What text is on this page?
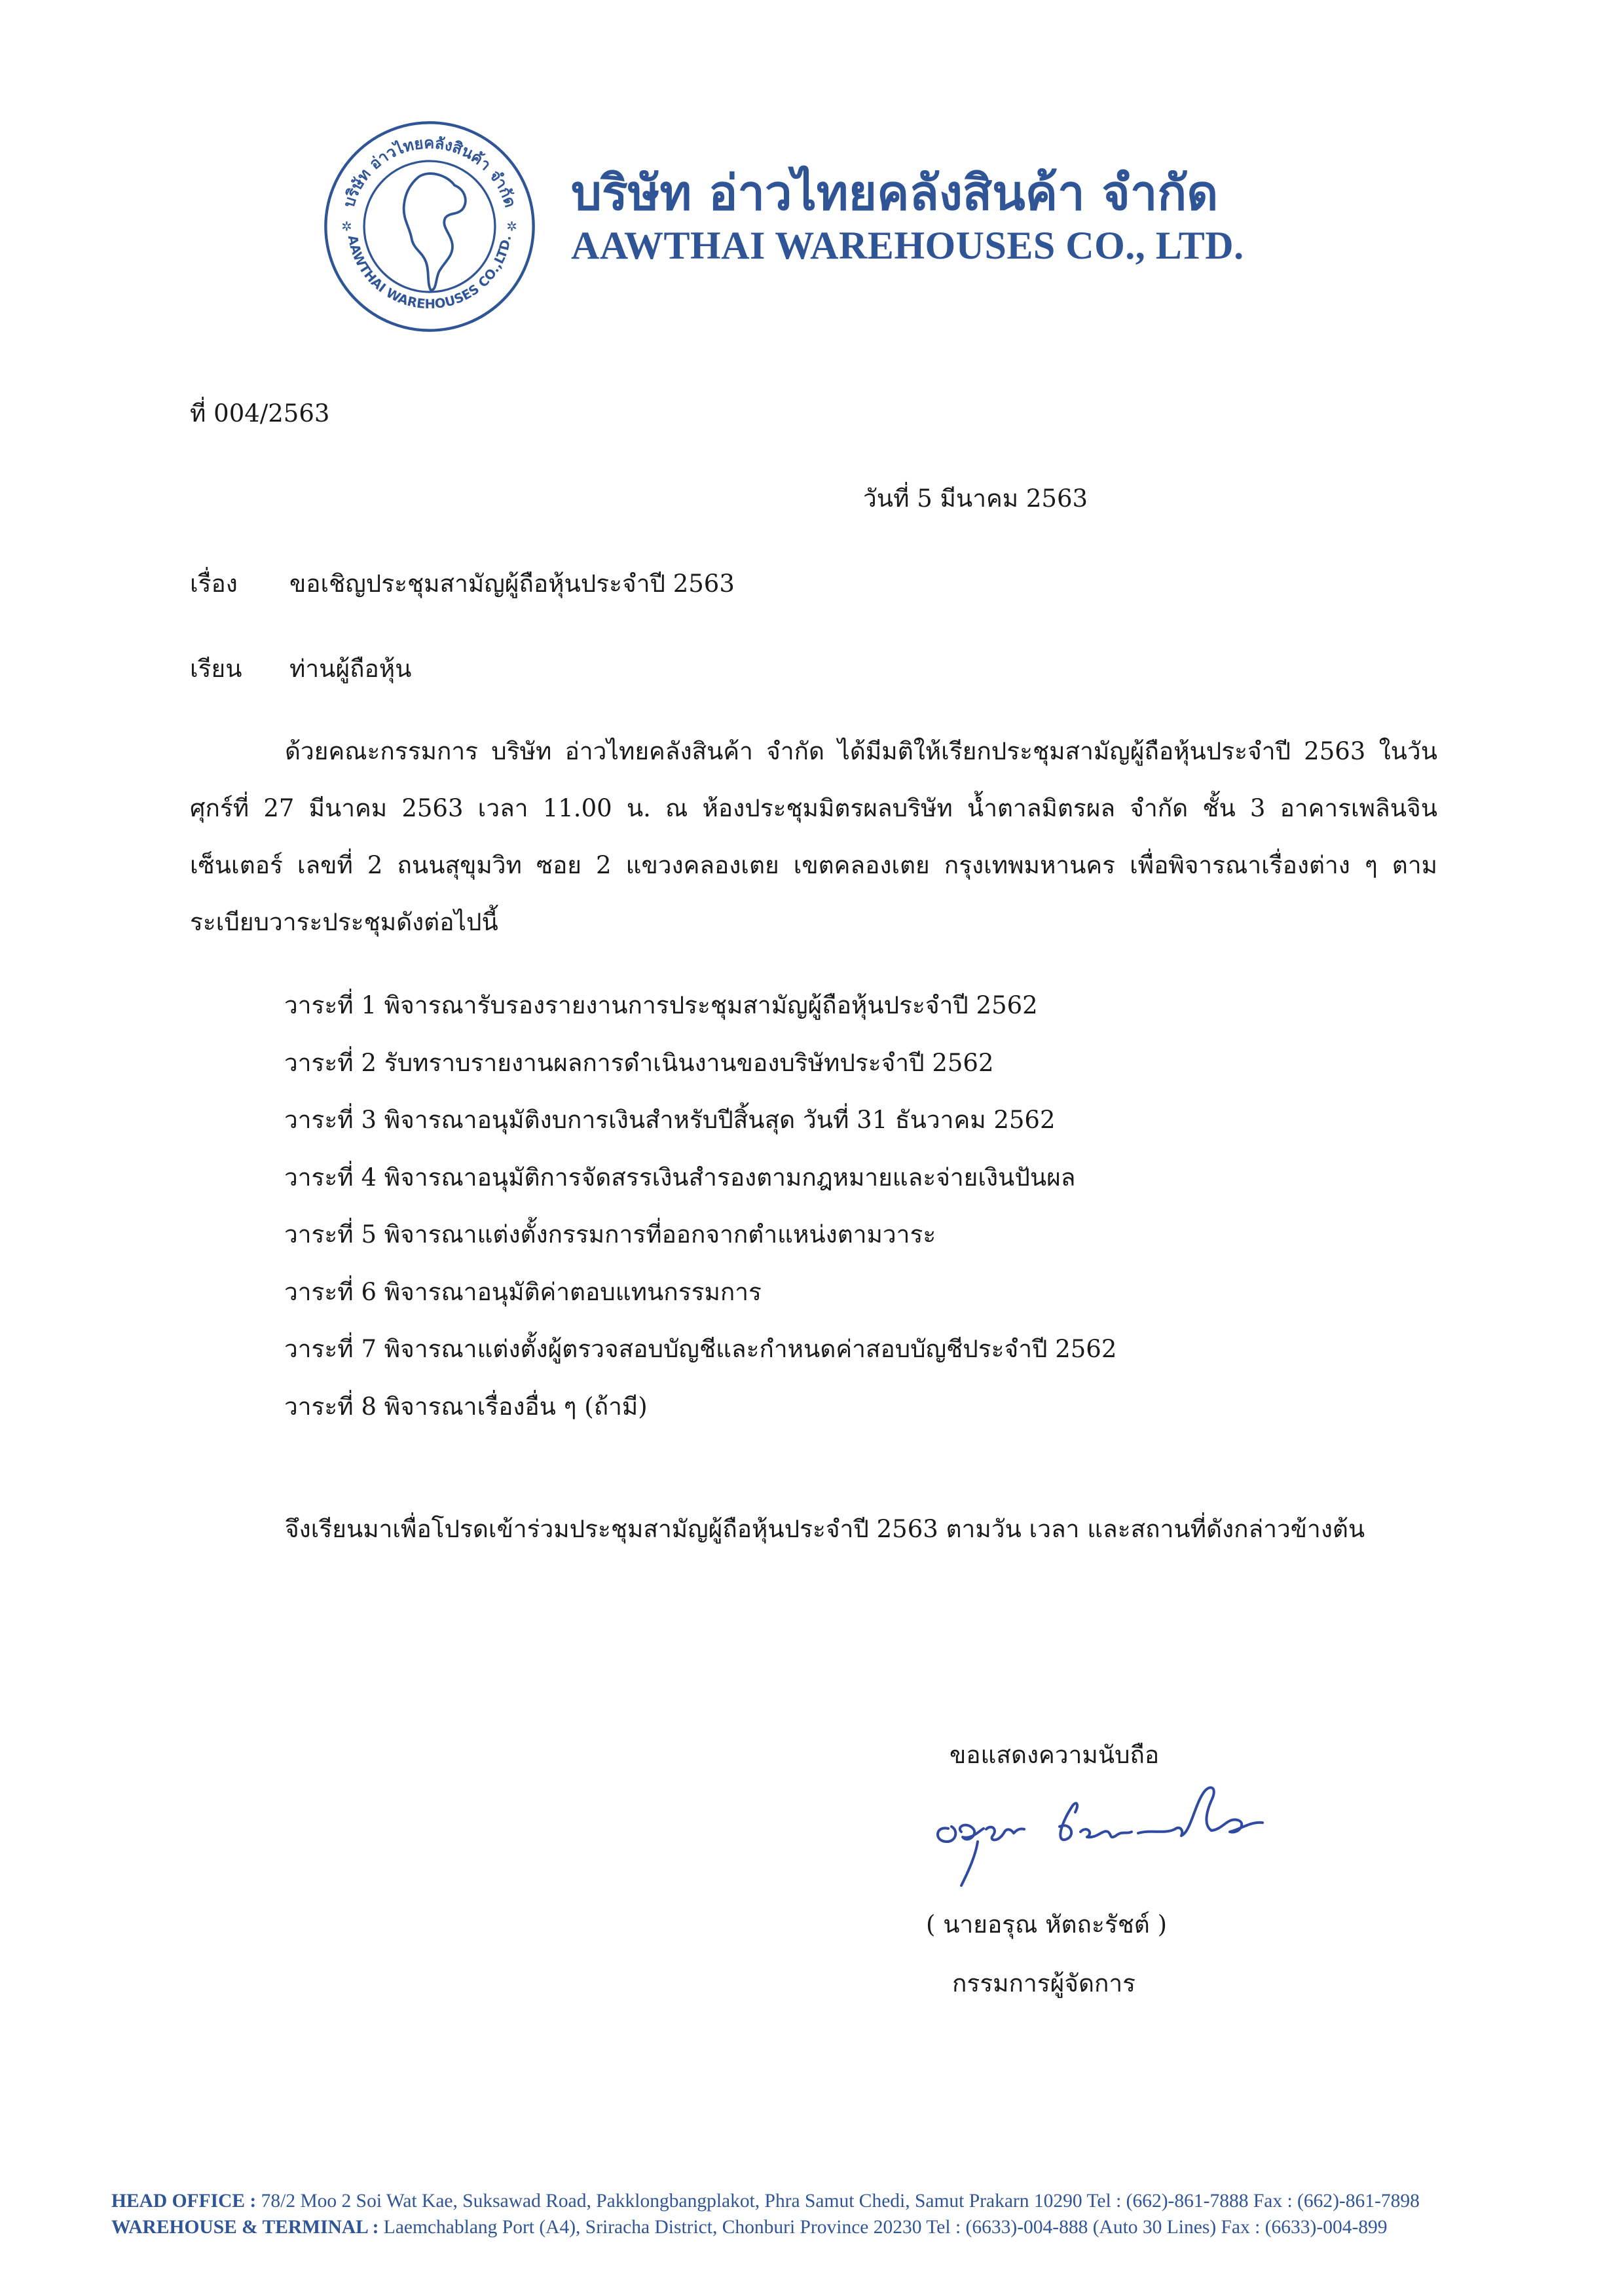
บริษัท อ่าวไทยคลังสินค้า จำกัด
AAWTHAI WAREHOUSES CO.,LTD.
✲	✲
บริษัท อ่าวไทยคลังสินค้า จำกัด
AAWTHAI WAREHOUSES CO., LTD.
ที่ 004/2563
วันที่ 5 มีนาคม 2563
เรื่อง ขอเชิญประชุมสามัญผู้ถือหุ้นประจำปี 2563
เรียน ท่านผู้ถือหุ้น
ด้วยคณะกรรมการ บริษัท อ่าวไทยคลังสินค้า จำกัด ได้มีมติให้เรียกประชุมสามัญผู้ถือหุ้นประจำปี 2563 ในวันศุกร์ที่ 27 มีนาคม 2563 เวลา 11.00 น. ณ ห้องประชุมมิตรผลบริษัท น้ำตาลมิตรผล จำกัด ชั้น 3 อาคารเพลินจินเซ็นเตอร์ เลขที่ 2 ถนนสุขุมวิท ซอย 2 แขวงคลองเตย เขตคลองเตย กรุงเทพมหานคร เพื่อพิจารณาเรื่องต่าง ๆ ตามระเบียบวาระประชุมดังต่อไปนี้
วาระที่ 1 พิจารณารับรองรายงานการประชุมสามัญผู้ถือหุ้นประจำปี 2562
วาระที่ 2 รับทราบรายงานผลการดำเนินงานของบริษัทประจำปี 2562
วาระที่ 3 พิจารณาอนุมัติงบการเงินสำหรับปีสิ้นสุด วันที่ 31 ธันวาคม 2562
วาระที่ 4 พิจารณาอนุมัติการจัดสรรเงินสำรองตามกฎหมายและจ่ายเงินปันผล
วาระที่ 5 พิจารณาแต่งตั้งกรรมการที่ออกจากตำแหน่งตามวาระ
วาระที่ 6 พิจารณาอนุมัติค่าตอบแทนกรรมการ
วาระที่ 7 พิจารณาแต่งตั้งผู้ตรวจสอบบัญชีและกำหนดค่าสอบบัญชีประจำปี 2562
วาระที่ 8 พิจารณาเรื่องอื่น ๆ (ถ้ามี)
จึงเรียนมาเพื่อโปรดเข้าร่วมประชุมสามัญผู้ถือหุ้นประจำปี 2563 ตามวัน เวลา และสถานที่ดังกล่าวข้างต้น
ขอแสดงความนับถือ
( นายอรุณ หัตถะรัชต์ )
กรรมการผู้จัดการ
HEAD OFFICE : 78/2 Moo 2 Soi Wat Kae, Suksawad Road, Pakklongbangplakot, Phra Samut Chedi, Samut Prakarn 10290 Tel : (662)-861-7888 Fax : (662)-861-7898
WAREHOUSE & TERMINAL : Laemchablang Port (A4), Sriracha District, Chonburi Province 20230 Tel : (6633)-004-888 (Auto 30 Lines) Fax : (6633)-004-899
